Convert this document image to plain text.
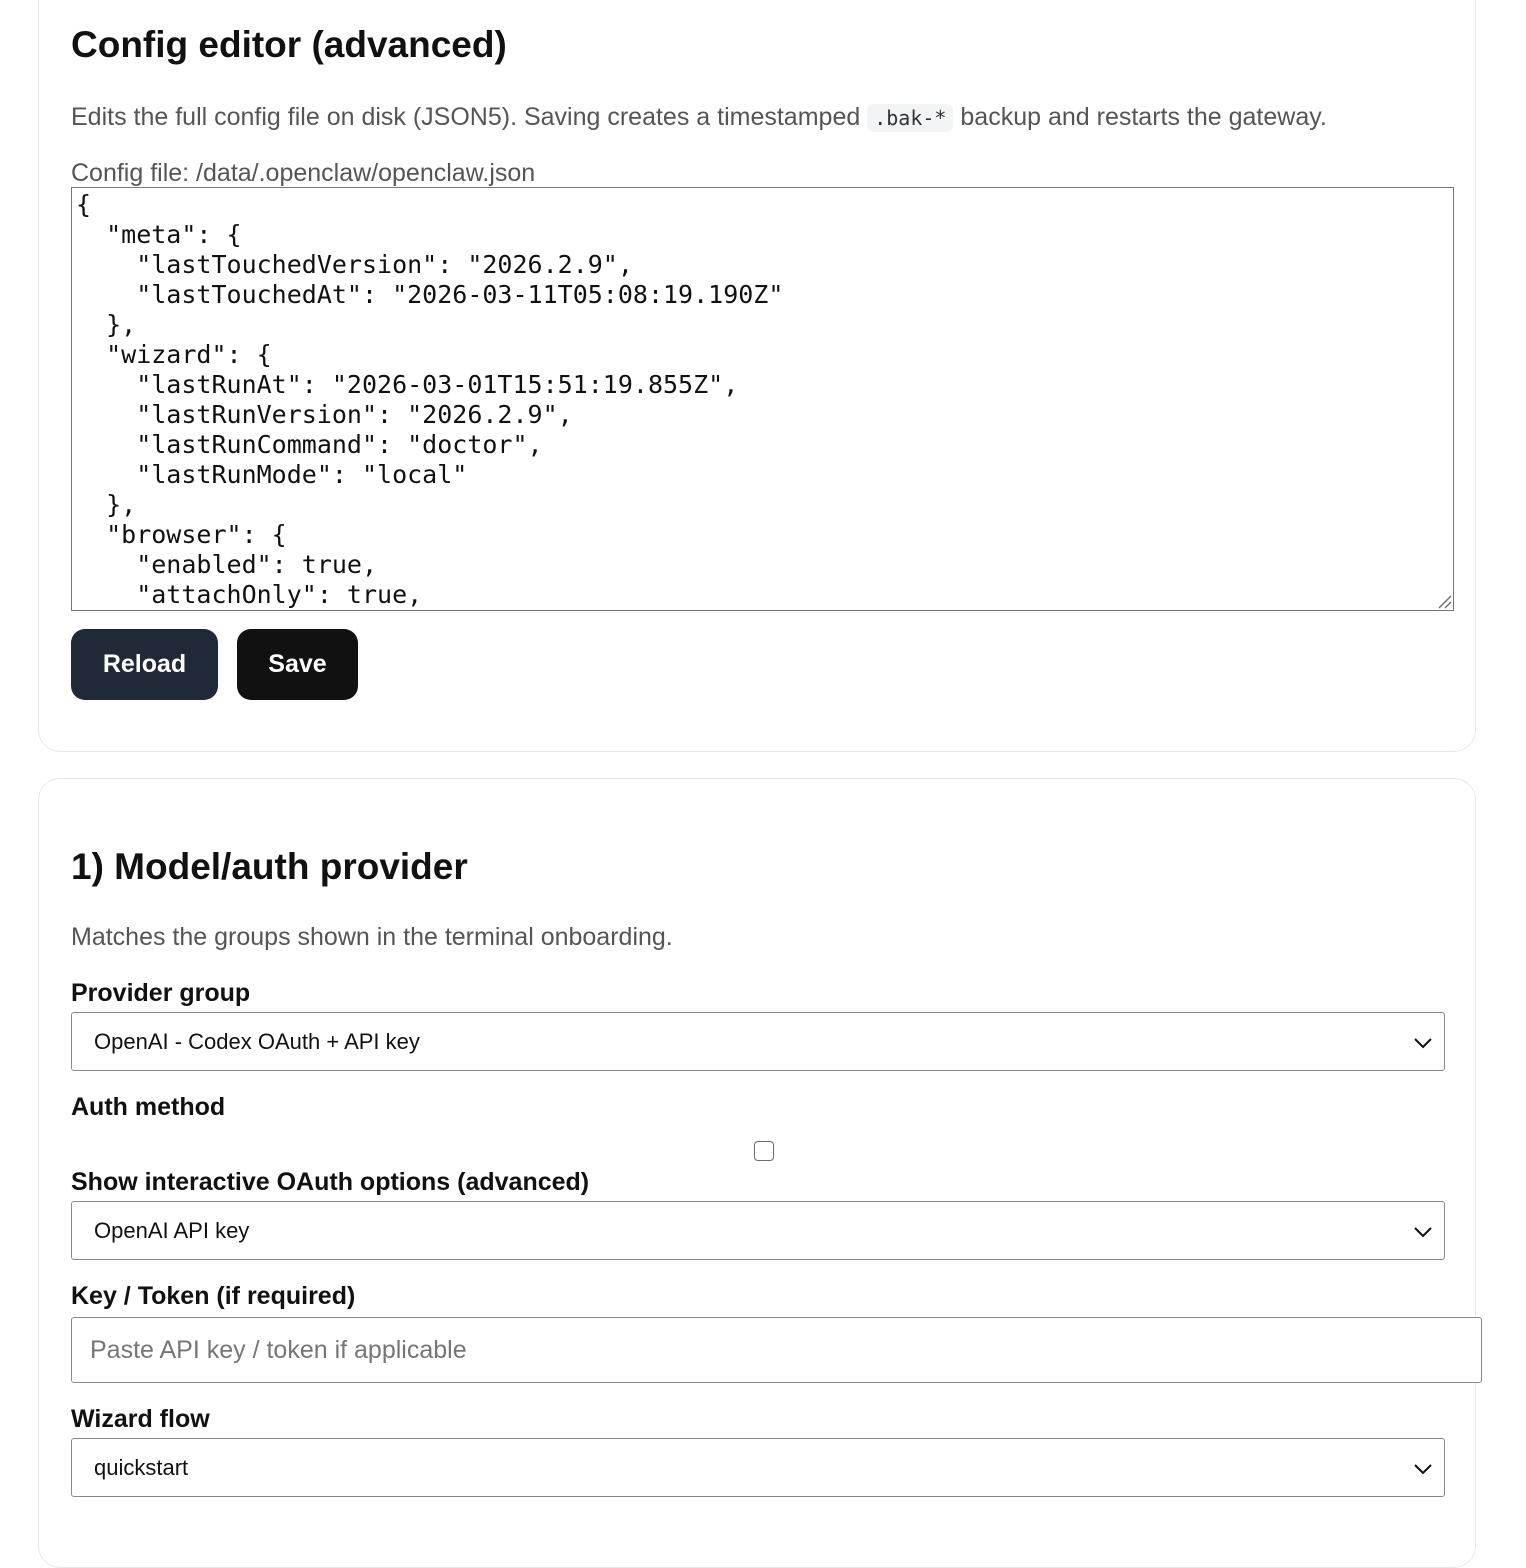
Config editor (advanced)

Edits the full config file on disk (JSON5). Saving creates a timestamped .bak-* backup and restarts the gateway.

Config file: /data/.openclaw/openclaw.json
{
"meta": {
"lastTouchedVersion": "2026.2.9",
"lastTouchedAt": "2026-03-11T05:08:19.190Z"
},
"wizard": {
"lastRunAt": "2026-03-01T15:51:19.855Z",
"lastRunVersion": "2026.2.9",
"lastRunCommand": "doctor",
"lastRunMode": "local"
},
"browser": {
"enabled": true,
"attachOnly": true,
Reload	Save
1) Model/auth provider

Matches the groups shown in the terminal onboarding.

Provider group
OpenAI - Codex OAuth + API key
Auth method
Show interactive OAuth options (advanced)
OpenAI API key
Key / Token (if required)
Paste API key / token if applicable
Wizard flow
quickstart
